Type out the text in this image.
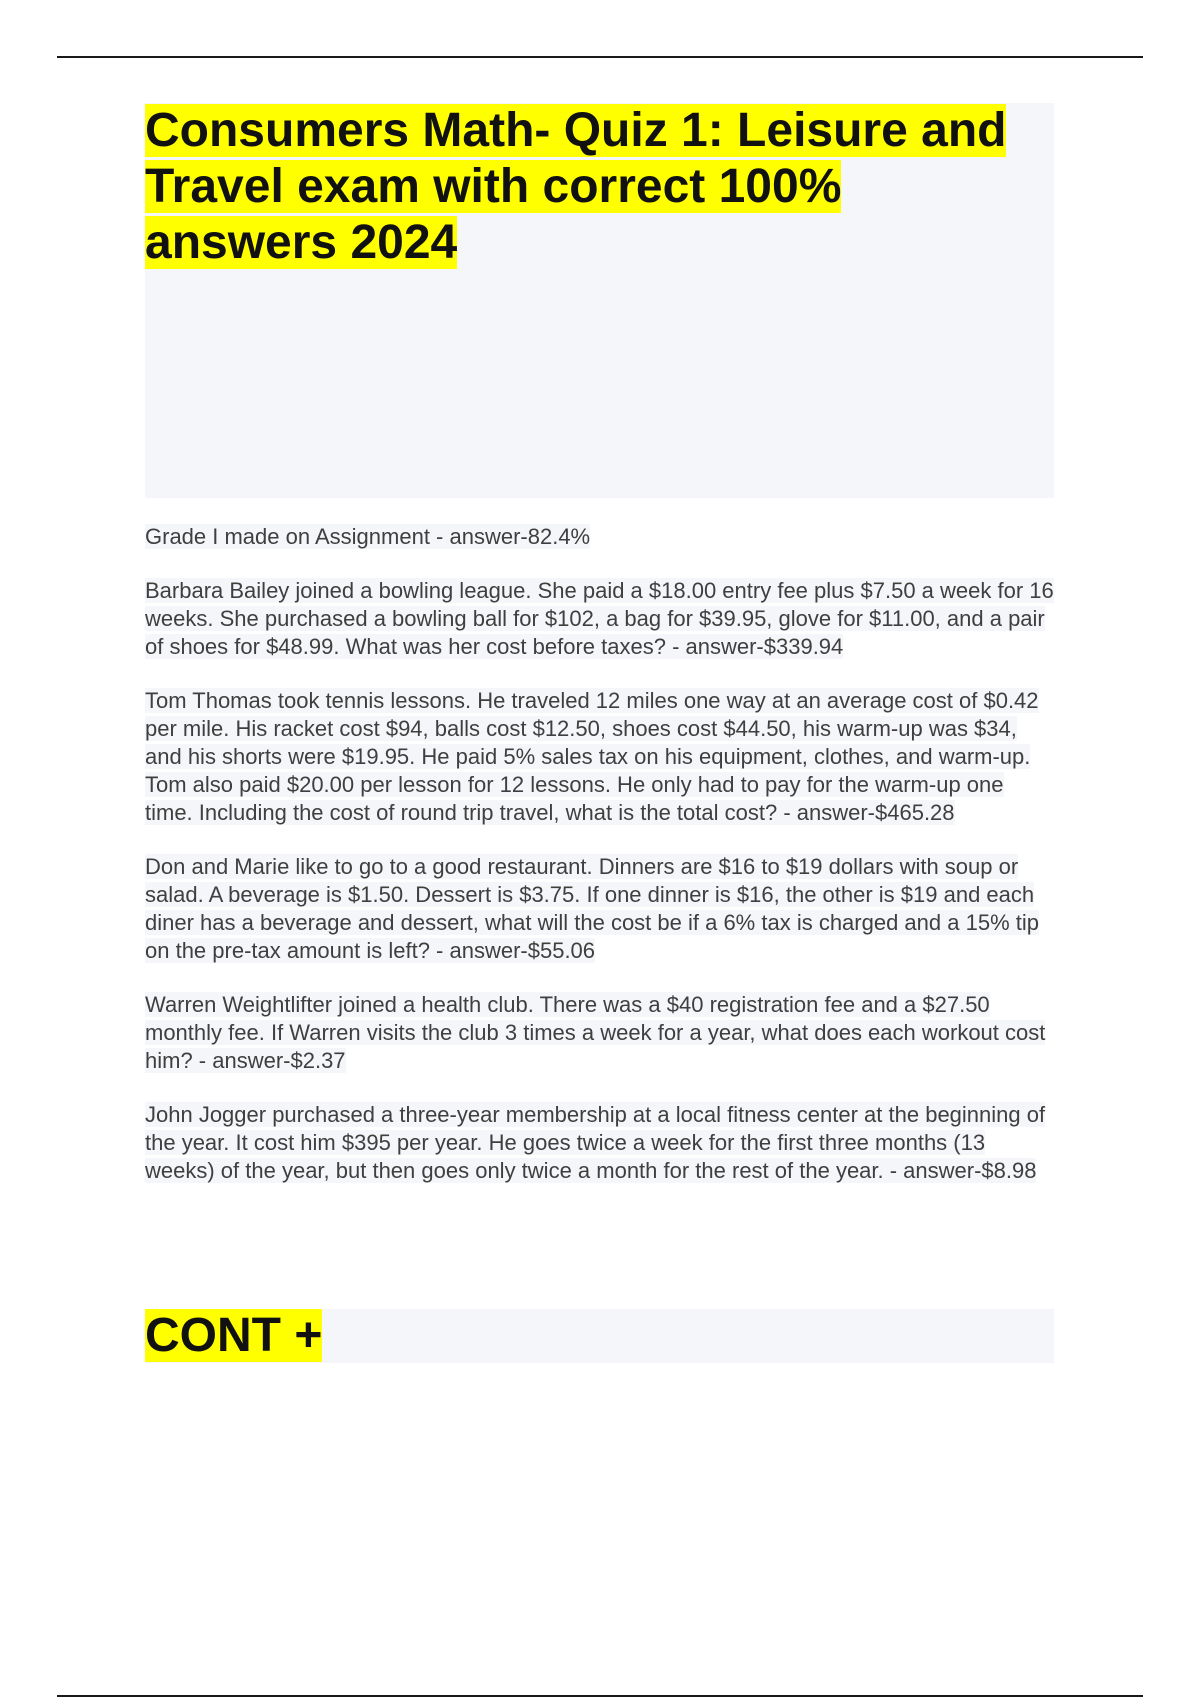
Consumers Math- Quiz 1: Leisure and Travel exam with correct 100% answers 2024

Grade I made on Assignment - answer-82.4%

Barbara Bailey joined a bowling league. She paid a $18.00 entry fee plus $7.50 a week for 16 weeks. She purchased a bowling ball for $102, a bag for $39.95, glove for $11.00, and a pair of shoes for $48.99. What was her cost before taxes? - answer-$339.94

Tom Thomas took tennis lessons. He traveled 12 miles one way at an average cost of $0.42 per mile. His racket cost $94, balls cost $12.50, shoes cost $44.50, his warm-up was $34, and his shorts were $19.95. He paid 5% sales tax on his equipment, clothes, and warm-up. Tom also paid $20.00 per lesson for 12 lessons. He only had to pay for the warm-up one time. Including the cost of round trip travel, what is the total cost? - answer-$465.28

Don and Marie like to go to a good restaurant. Dinners are $16 to $19 dollars with soup or salad. A beverage is $1.50. Dessert is $3.75. If one dinner is $16, the other is $19 and each diner has a beverage and dessert, what will the cost be if a 6% tax is charged and a 15% tip on the pre-tax amount is left? - answer-$55.06

Warren Weightlifter joined a health club. There was a $40 registration fee and a $27.50 monthly fee. If Warren visits the club 3 times a week for a year, what does each workout cost him? - answer-$2.37

John Jogger purchased a three-year membership at a local fitness center at the beginning of the year. It cost him $395 per year. He goes twice a week for the first three months (13 weeks) of the year, but then goes only twice a month for the rest of the year. - answer-$8.98

CONT +
